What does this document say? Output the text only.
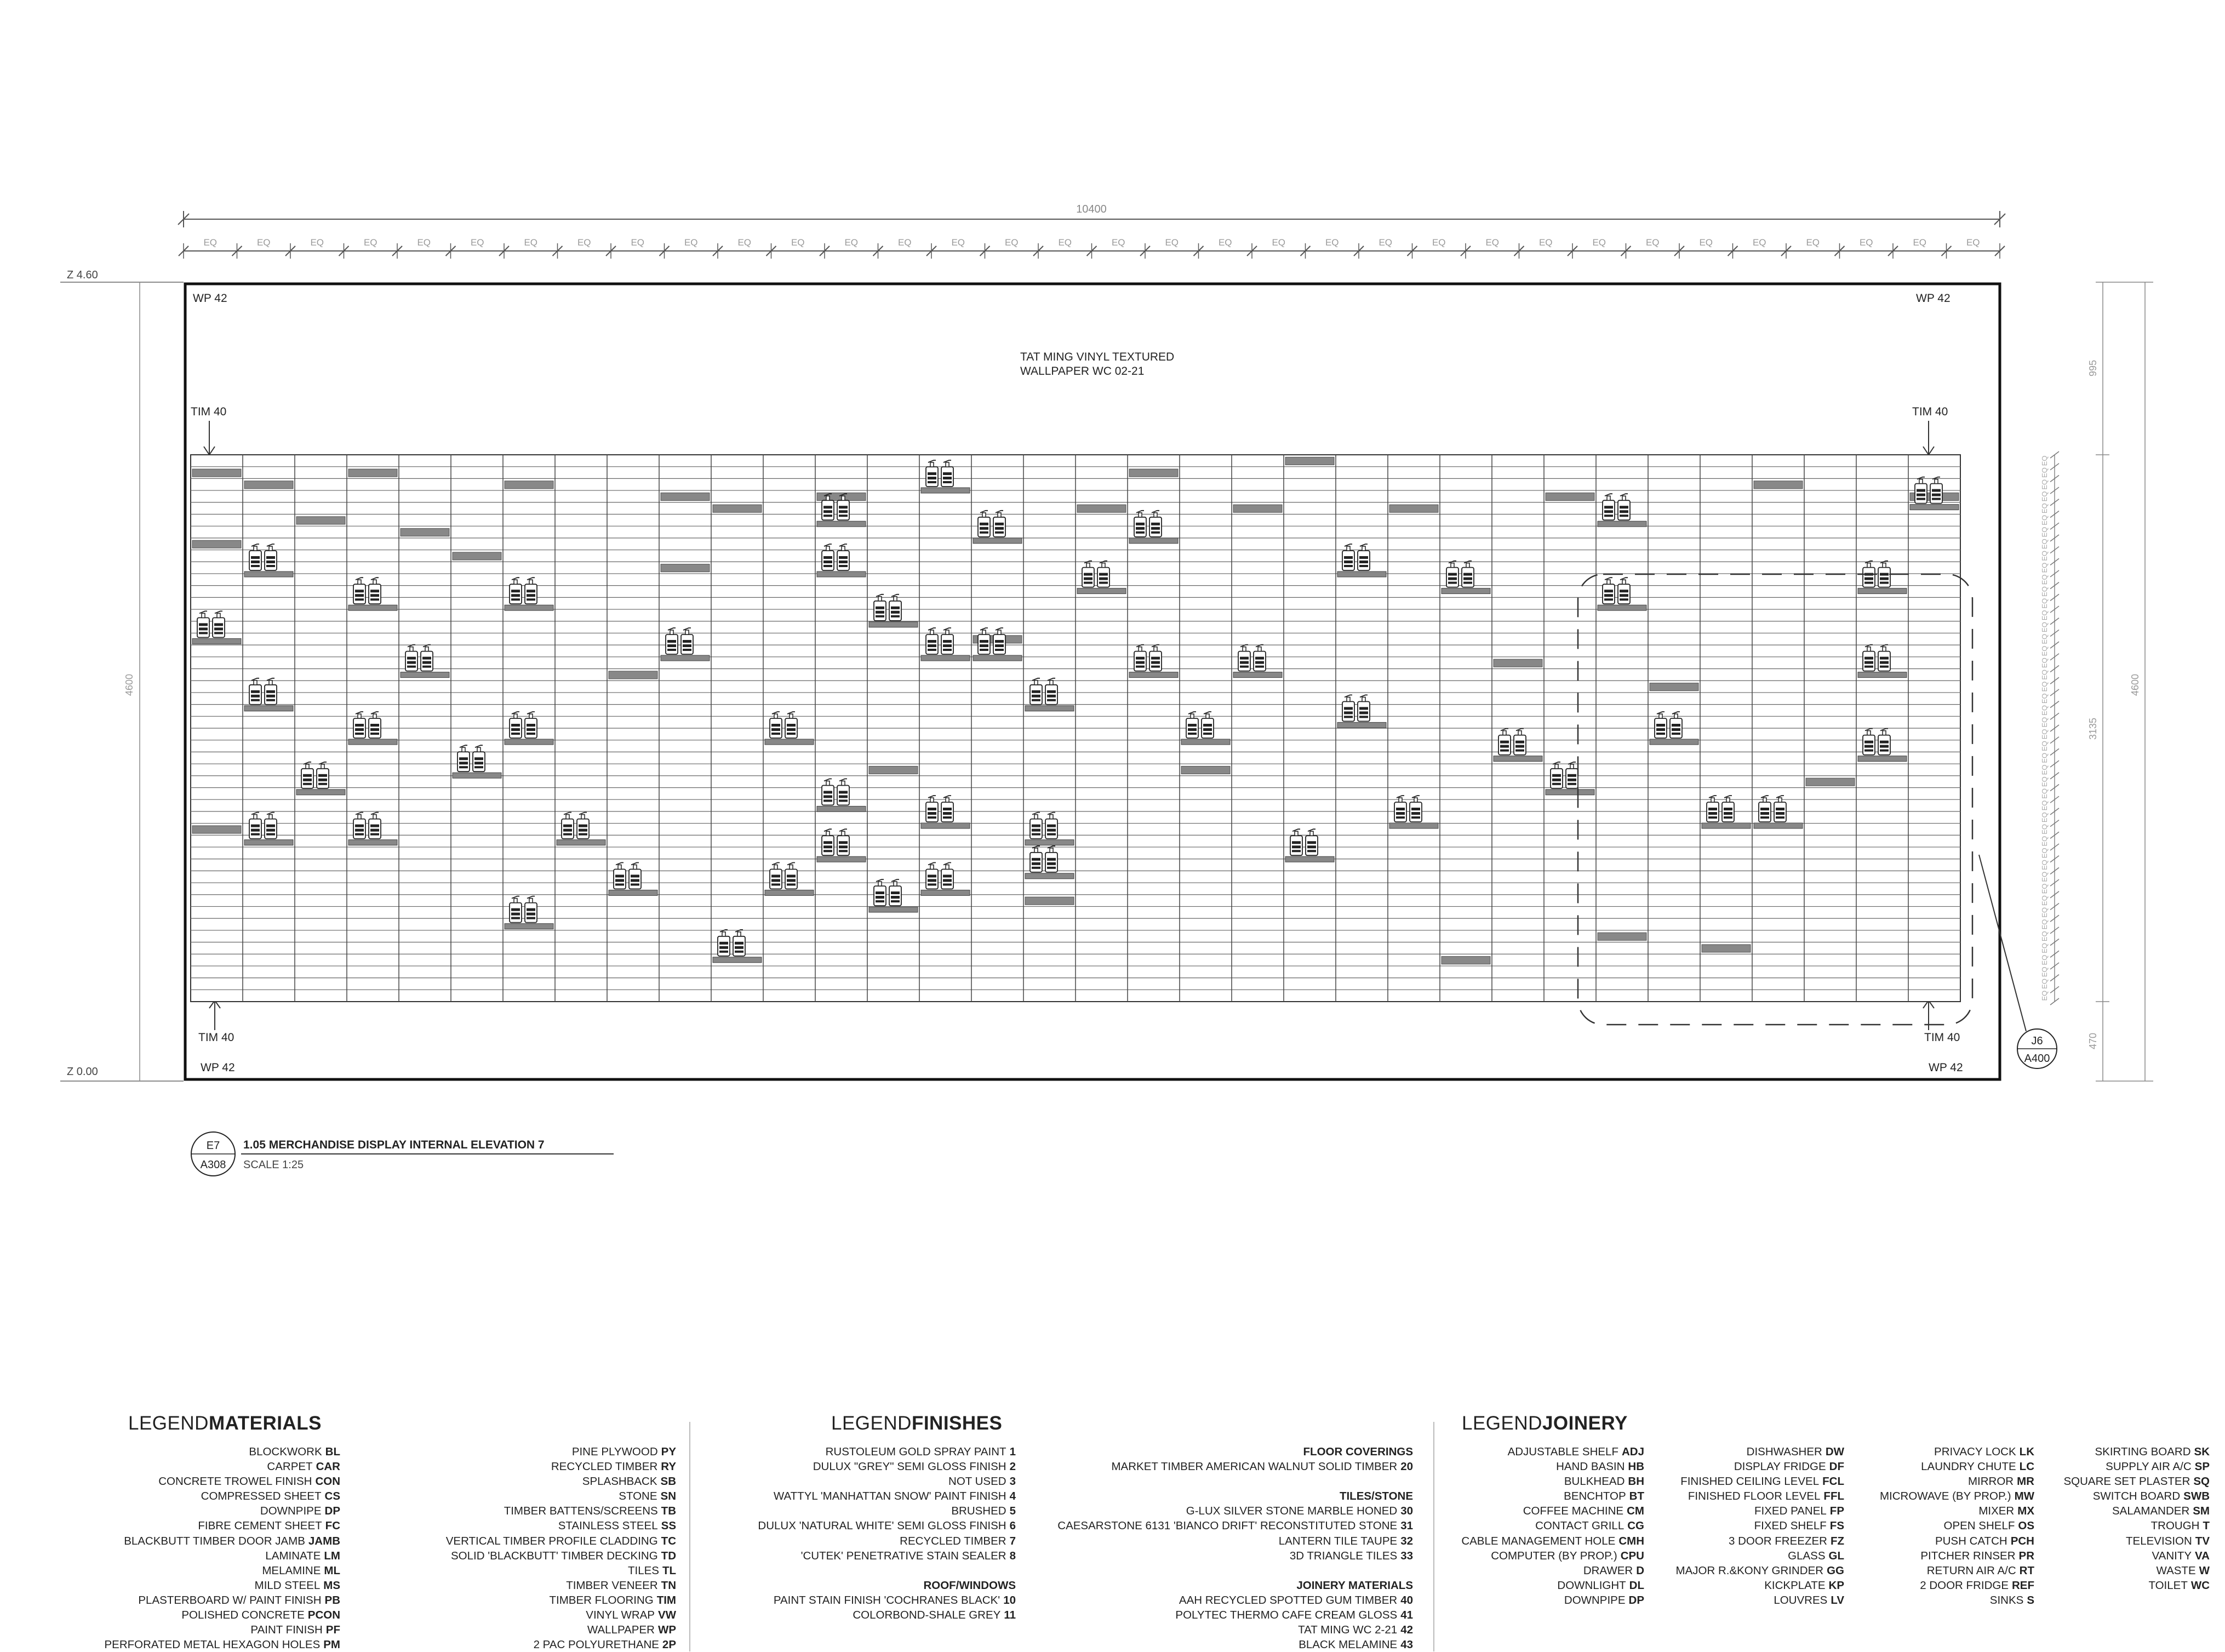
10400
EQ	EQ	EQ	EQ	EQ	EQ	EQ	EQ	EQ	EQ	EQ	EQ	EQ	EQ	EQ	EQ	EQ	EQ	EQ	EQ	EQ	EQ	EQ	EQ	EQ	EQ	EQ	EQ	EQ	EQ	EQ	EQ	EQ	EQ
Z 4.60
Z 0.00
4600
TAT MING VINYL TEXTURED
WALLPAPER WC 02-21
WP 42	WP 42
WP 42	WP 42
TIM 40	TIM 40
TIM 40	TIM 40	J6
A400
995
3135
470
4600
EQ
EQ
EQ
EQ
EQ
EQ
EQ
EQ
EQ
EQ
EQ
EQ
EQ
EQ
EQ
EQ
EQ
EQ
EQ
EQ
EQ
EQ
EQ
EQ
EQ
EQ
EQ
EQ
EQ
EQ
EQ
EQ
EQ
EQ
EQ
EQ
EQ
EQ
EQ
EQ
EQ
EQ
EQ
EQ
EQ
EQ
E7
A308
1.05 MERCHANDISE DISPLAY INTERNAL ELEVATION 7
SCALE 1:25
LEGENDMATERIALS
BLOCKWORK BL
CARPET CAR
CONCRETE TROWEL FINISH CON
COMPRESSED SHEET CS
DOWNPIPE DP
FIBRE CEMENT SHEET FC
BLACKBUTT TIMBER DOOR JAMB JAMB
LAMINATE LM
MELAMINE ML
MILD STEEL MS
PLASTERBOARD W/ PAINT FINISH PB
POLISHED CONCRETE PCON
PAINT FINISH PF
PERFORATED METAL HEXAGON HOLES PM
PINE PLYWOOD PY
RECYCLED TIMBER RY
SPLASHBACK SB
STONE SN
TIMBER BATTENS/SCREENS TB
STAINLESS STEEL SS
VERTICAL TIMBER PROFILE CLADDING TC
SOLID 'BLACKBUTT' TIMBER DECKING TD
TILES TL
TIMBER VENEER TN
TIMBER FLOORING TIM
VINYL WRAP VW
WALLPAPER WP
2 PAC POLYURETHANE 2P
LEGENDFINISHES
RUSTOLEUM GOLD SPRAY PAINT 1
DULUX "GREY" SEMI GLOSS FINISH 2
NOT USED 3
WATTYL 'MANHATTAN SNOW' PAINT FINISH 4
BRUSHED 5
DULUX 'NATURAL WHITE' SEMI GLOSS FINISH 6
RECYCLED TIMBER 7
'CUTEK' PENETRATIVE STAIN SEALER 8

ROOF/WINDOWS
PAINT STAIN FINISH 'COCHRANES BLACK' 10
COLORBOND-SHALE GREY 11
FLOOR COVERINGS
MARKET TIMBER AMERICAN WALNUT SOLID TIMBER 20

TILES/STONE
G-LUX SILVER STONE MARBLE HONED 30
CAESARSTONE 6131 'BIANCO DRIFT' RECONSTITUTED STONE 31
LANTERN TILE TAUPE 32
3D TRIANGLE TILES 33

JOINERY MATERIALS
AAH RECYCLED SPOTTED GUM TIMBER 40
POLYTEC THERMO CAFE CREAM GLOSS 41
TAT MING WC 2-21 42
BLACK MELAMINE 43
LEGENDJOINERY
ADJUSTABLE SHELF ADJ
HAND BASIN HB
BULKHEAD BH
BENCHTOP BT
COFFEE MACHINE CM
CONTACT GRILL CG
CABLE MANAGEMENT HOLE CMH
COMPUTER (BY PROP.) CPU
DRAWER D
DOWNLIGHT DL
DOWNPIPE DP
DISHWASHER DW
DISPLAY FRIDGE DF
FINISHED CEILING LEVEL FCL
FINISHED FLOOR LEVEL FFL
FIXED PANEL FP
FIXED SHELF FS
3 DOOR FREEZER FZ
GLASS GL
MAJOR R.&KONY GRINDER GG
KICKPLATE KP
LOUVRES LV
PRIVACY LOCK LK
LAUNDRY CHUTE LC
MIRROR MR
MICROWAVE (BY PROP.) MW
MIXER MX
OPEN SHELF OS
PUSH CATCH PCH
PITCHER RINSER PR
RETURN AIR A/C RT
2 DOOR FRIDGE REF
SINKS S
SKIRTING BOARD SK
SUPPLY AIR A/C SP
SQUARE SET PLASTER SQ
SWITCH BOARD SWB
SALAMANDER SM
TROUGH T
TELEVISION TV
VANITY VA
WASTE W
TOILET WC
